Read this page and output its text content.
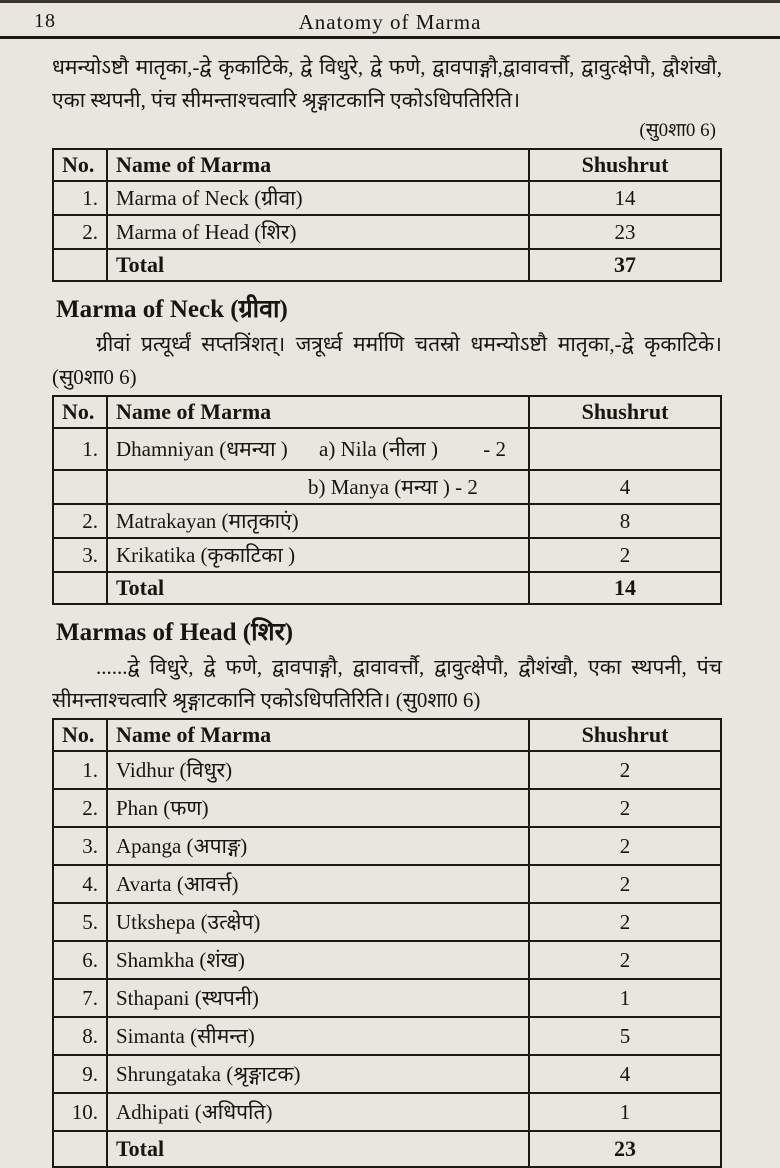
18	Anatomy of Marma

धमन्योऽष्टौ मातृका,-द्वे कृकाटिके, द्वे विधुरे, द्वे फणे, द्वावपाङ्गौ,द्वावावर्त्तौ, द्वावुत्क्षेपौ, द्वौशंखौ, एका स्थपनी, पंच सीमन्ताश्चत्वारि श्रृङ्गाटकानि एकोऽधिपतिरिति।

(सु0शा0 6)

No.	Name of Marma	Shushrut
1.	Marma of Neck (ग्रीवा)	14
2.	Marma of Head (शिर)	23
	Total	37
Marma of Neck (ग्रीवा)

ग्रीवां प्रत्यूर्ध्वं सप्तत्रिंशत्। जत्रूर्ध्व मर्माणि चतस्रो धमन्योऽष्टौ मातृका,-द्वे कृकाटिके। (सु0शा0 6)

No.	Name of Marma	Shushrut
1.	Dhamniyan (धमन्या ) a) Nila (नीला ) - 2	
	b) Manya (मन्या ) - 2	4
2.	Matrakayan (मातृकाएं)	8
3.	Krikatika (कृकाटिका )	2
	Total	14
Marmas of Head (शिर)

......द्वे विधुरे, द्वे फणे, द्वावपाङ्गौ, द्वावावर्त्तौ, द्वावुत्क्षेपौ, द्वौशंखौ, एका स्थपनी, पंच सीमन्ताश्चत्वारि श्रृङ्गाटकानि एकोऽधिपतिरिति। (सु0शा0 6)

No.	Name of Marma	Shushrut
1.	Vidhur (विधुर)	2
2.	Phan (फण)	2
3.	Apanga (अपाङ्ग)	2
4.	Avarta (आवर्त्त)	2
5.	Utkshepa (उत्क्षेप)	2
6.	Shamkha (शंख)	2
7.	Sthapani (स्थपनी)	1
8.	Simanta (सीमन्त)	5
9.	Shrungataka (श्रृङ्गाटक)	4
10.	Adhipati (अधिपति)	1
	Total	23
